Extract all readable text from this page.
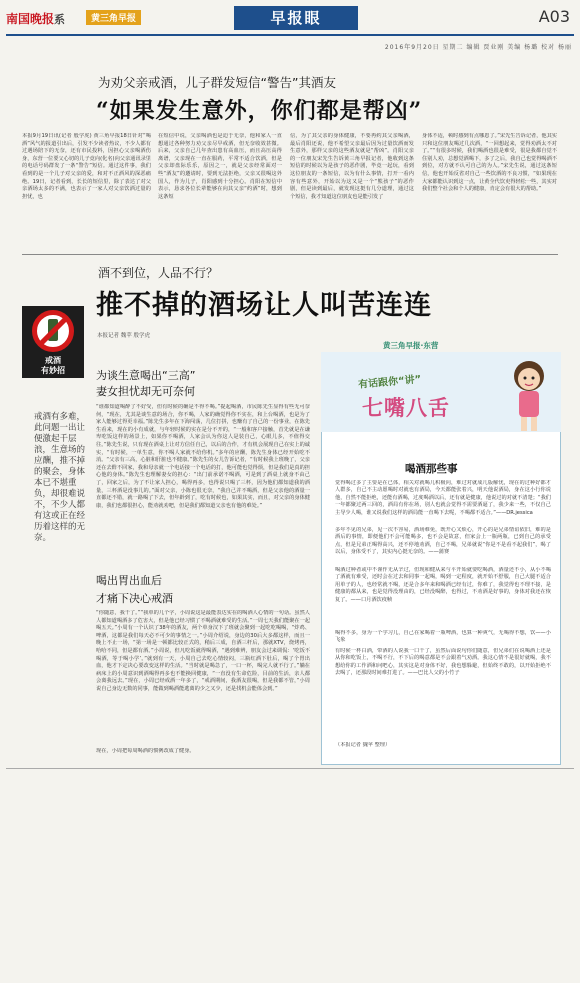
南国晚报系	黄三角早报	早报眼	A03
2016年9月20日 星期二 编辑 贾业刚 美编 杨璐 校对 杨丽
为劝父亲戒酒，儿子群发短信“警告”其酒友
“如果发生意外，你们都是帮凶”
本报9月19日讯(记者 殷学虎) 黄三角早报18日针对“喝酒”风气的报道引出后，引发不少读者热议，不少人都有过遇场陪下的无奈，还有市民投料，因担心父亲喝酒伤身，东营一位要父心切的儿子竟向(化名)向父亲通讯录里的电话号码群发了一条“警告”短信。通过这件事，我们看到的是一个儿子对父亲的爱，和对不正酒风的深恶痛绝。19日，记者看到，长长的短信里，除了表达了对父亲酒场太多的不满，也表示了一家人对父亲饮酒过量的担忧，也
在短信中说，父亲喝酒也是迫于无奈，他和家人一直想通过各种努力劝父亲尽早戒酒，但无奈收效甚微。后来，父亲自己几年查出患有高血压，而且高压高得离谱，父亲现在一直在服药，平常不适合饮酒，但是父亲却盘际乐乐，原因之一，就是父亲经常面对一些“酒友”的邀请时，要到无法拒绝，父亲又很喝这外国人，作为儿子，肖阳感到十分担心。肖阳在短信中表示，恳求各位长辈能够在向其父亲“约酒”时，想到这条短
信，为了其父亲的身体健康，不要再约其父亲喝酒，最后肖阳还说，他不希望父亲最后因为过量饮酒而发生意外，那样父亲的这些酒友就是“帮凶”。肖阳父亲的一位朋友宋先生告诉黄三角早报记者，他收到这条短信的时候以为是孩子的恶作剧，毕竟一起玩，看到这位朋友的一条短信，以为有什么事情，打开一看内容有些意外，开始以为这又是一个“熊孩子”的恶作剧，但是读到最后，就发现这挺有几分道理，通过这个短信，我才知道这位朋友也是能引发了
身体不适，顿时感到有点哪恩了。”宋先生告诉记者，他其实只和这位朋友喝过几次酒，“一回想起来，觉得劝酒太不对了。”“有很多时候，我们喝酒也很是难受，很是我都自觉不住别人劝，总想觉酒喝下，多了之后，我自己也觉得喝酒不到位，对方就不认可自己的为人。”宋先生说，通过这条短信，他也开始反省对自己一些饮酒的不良习惯，“如果现在大家都能认识到这一点，让黄全代饮吏得轻松一些，其实对我们整个社会和个人的健康，肯定会有很大的帮助。”
酒不到位，人品不行？
推不掉的酒场让人叫苦连连
本报记者 魏苹 殷学虎
戒酒
有妙招
戒酒有多难，此问题一出让便激起千层浪，生意场的应酬，推不掉的聚会，身体本已不堪重负，却很难说不，不少人都有这或正在经历着这样的无奈。
为谈生意喝出“三高”
妻女担忧却无可奈何
“谁都知道喝酔了不好受，但有时候的确是不得不喝。”提起喝酒，市民陈先生显得有些无可奈何，“现在，尤其是谈生意的场合，你不喝，人家的确觉得你不实在，和上台喝酒，也是为了家人能够过得更幸福。”陈先生多年在下海闯荡，几位打拼，也赚有了自己的一份事业，在陈先生看来，现在的小有成就，与年轻时候的实在是分不开的，“一般和客户接触，首先就是在谦卑吃饭这样的场景上，如果你不喝酒，人家会认为你这人是装自己，心眼儿多，不值得交往。”陈先生说，只有现在酒桌上让对方信任自己，以后的合作，才有机会展现自己在实上的诚实，“有时候，一单生意，你不喝人家就不给你机。”多年的应酬，陈先生身体已经开始吃不消。“父亲有三高，心脏和肝脏也不健康。”陈先生的女儿告诉记者，“有时候我上班晚了，父亲还在去酢不回家，我和母亲就一个电话接一个电话的打，他可能也觉得烦，但是我们是真的担心他的身体。”陈先生也理解妻女的担心：“出门前承诺不喝酒，可是到了酒桌上就身不由己了，回家之后，为了不让家人担心，喝得再多，也得说只喝了三杯，因为他们都知道我的酒量，三杯酒是没事儿的。”面对父亲，小陈也很无奈，“我自己并不喝酒，但是父亲他的酒量一直都还不错，就一路喝了下去，但年龄到了，吃有时候也，如果其实，而且，对父亲的身体健康，我们也都很担心，能劝就劝吧，但是我们都知道父亲也有他的难处。”
喝出胃出血后
才痛下决心戒酒
“你随意，我干了。”“我单的几个字，小周说这是最能表达实在的喝酒人心情的一句话。虽然人人都知道喝酒多了危害大，但是他已经习惯了不喝酒就难受的生活。”一周七天我们能聚在一起喝五天。”小周有一个认识了38年的酒友，两个单身汉下了班就会聚到一起吃吃喝喝，“炸鸡、啤酒，这都是我们每天必不可少的事情之一。”小周介绍说，身边的30后大多都这样，而且一晚上不止一场，“第一场是一顿都比较正式的，稍后三成，自酒三杆后，那就XTV，烧烤再，哈哈不同，但是都有酒。”小周说，但凡吃饭就得喝酒，“遇到难辨，朋友会过来调侃：‘吃饭不喝酒，等于喝小学’。”就到有一天，小周自己去吃心情较闷，三瓶红酒下肚后，喝了个胃出血，他才下定决心要改变这样的生活。“当时就是喝急了，一口一杯，喝完人就不行了。”躺在病床上的小周意识到酒喝得再多也不能换回健康，“一直没有生命危险，目前的生活，亲人都会离我远去。”现在，小周已经戒酒一年多了，“戒酒期间，我酒友很喝，但是我都不管，”小周说自己身边无数的同事，能做到喝酒能逃离的少之又少，还是找机会能体会到。”
现在，小周把每周喝酒的惯例改成了健身。
黄三角早报·东营
有话跟你“讲”
七嘴八舌
喝酒那些事
觉得喝过多了主要是在已体，相关对就喝儿积极向，难过对就成几版解忧，现在的过种好都才人群多，自己不主动愿喝时对就也有酒局，今天都能张着兴，明天他说酒局，身在这小行你说他，自然不能拒绝，还能有酒喝，过度喝酒以后，还有就是健康，他说过的对就不清楚；“我们一年都聚过两三回的，酒局有你在场，别人也就会觉得不需要酒逼了，我少来一些，不仅自己主导少人喝，谁又说我们这样的酒局能一直喝下去呢，不喝都不适合。”——DR.jessica
多年不见的兄弟，见一次不容易，酒场难免，既开心又烦心，开心的是兄弟情谊依旧，难的是酒后的事情，即便他们不会可能喝多，也不会是故意，但家会上一瓶两瓶，已到自己的承受点，但是兄弟正喝得高兴，还不停地劝酒，自己不喝，兄弟就说“你是不是看不起我们”，喝了以后，身体受不了，其实内心挺无奈的。——蒲赛
喝酒过种者或中不谨作无从辛过，但现和健从来与平开始就要吃喝酒，酒量还不小，从小不喝了酒就有难受，还时会在过去和同事一起喝，喝到一定程度，就开始不舒服，自己大腿不适合用单子的人，也经常就不喝，还是合多年来和喝酒已经有过，你难了，我觉得也不理不接，是健康的都从来，也是觉得没理由的，已经没喝醉，也得过，不劝酒是好事的，身体对我还在恢复了。——口月酒饮疫帧
喝得不多，身为一个学习儿，自己在家喝着一瓶啤酒，也算一种爽气，无喝得不想，饮——小飞象
有时候一杯白酒，带酒的人说我一口干了，虽然后面说句你们随意，但兄弟们在说喝酒上还是从你和吃饭上，不喝不行，不下后的喝意都是不会跟着气劝酒。我这心情不是很好就喝，我不想给你的工作酒和问吧心，其实这是对身体不好，我也想躲避，但始终不敢的，以开始拒绝不去喝了，还那段时间难打进了。——巴比人父的小竹子
（本报记者 魏苹 整理）
